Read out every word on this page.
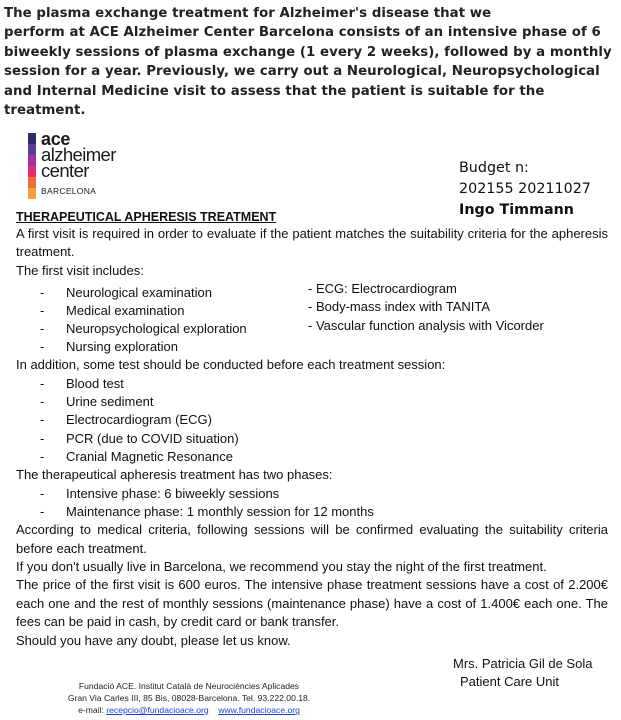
The plasma exchange treatment for Alzheimer's disease that we
perform at ACE Alzheimer Center Barcelona consists of an intensive phase of 6
biweekly sessions of plasma exchange (1 every 2 weeks), followed by a monthly
session for a year. Previously, we carry out a Neurological, Neuropsychological
and Internal Medicine visit to assess that the patient is suitable for the treatment.
ace
alzheimer
center
BARCELONA
Budget n:
202155 20211027
Ingo Timmann

THERAPEUTICAL APHERESIS TREATMENT

A first visit is required in order to evaluate if the patient matches the suitability criteria for the apheresis treatment.

The first visit includes:

- Neurological examination
- Medical examination
- Neuropsychological exploration
- Nursing exploration
- ECG: Electrocardiogram
- Body-mass index with TANITA
- Vascular function analysis with Vicorder

In addition, some test should be conducted before each treatment session:

- Blood test
- Urine sediment
- Electrocardiogram (ECG)
- PCR (due to COVID situation)
- Cranial Magnetic Resonance

The therapeutical apheresis treatment has two phases:

- Intensive phase: 6 biweekly sessions
- Maintenance phase: 1 monthly session for 12 months

According to medical criteria, following sessions will be confirmed evaluating the suitability criteria before each treatment.

If you don't usually live in Barcelona, we recommend you stay the night of the first treatment.

The price of the first visit is 600 euros. The intensive phase treatment sessions have a cost of 2.200€ each one and the rest of monthly sessions (maintenance phase) have a cost of 1.400€ each one. The fees can be paid in cash, by credit card or bank transfer.

Should you have any doubt, please let us know.

Mrs. Patricia Gil de Sola
Patient Care Unit
Fundació ACE. Institut Català de Neurociències Aplicades
Gran Via Carles III, 85 Bis, 08028-Barcelona. Tel. 93.222.00.18.
e-mail: recepcio@fundacioace.org www.fundacioace.org
